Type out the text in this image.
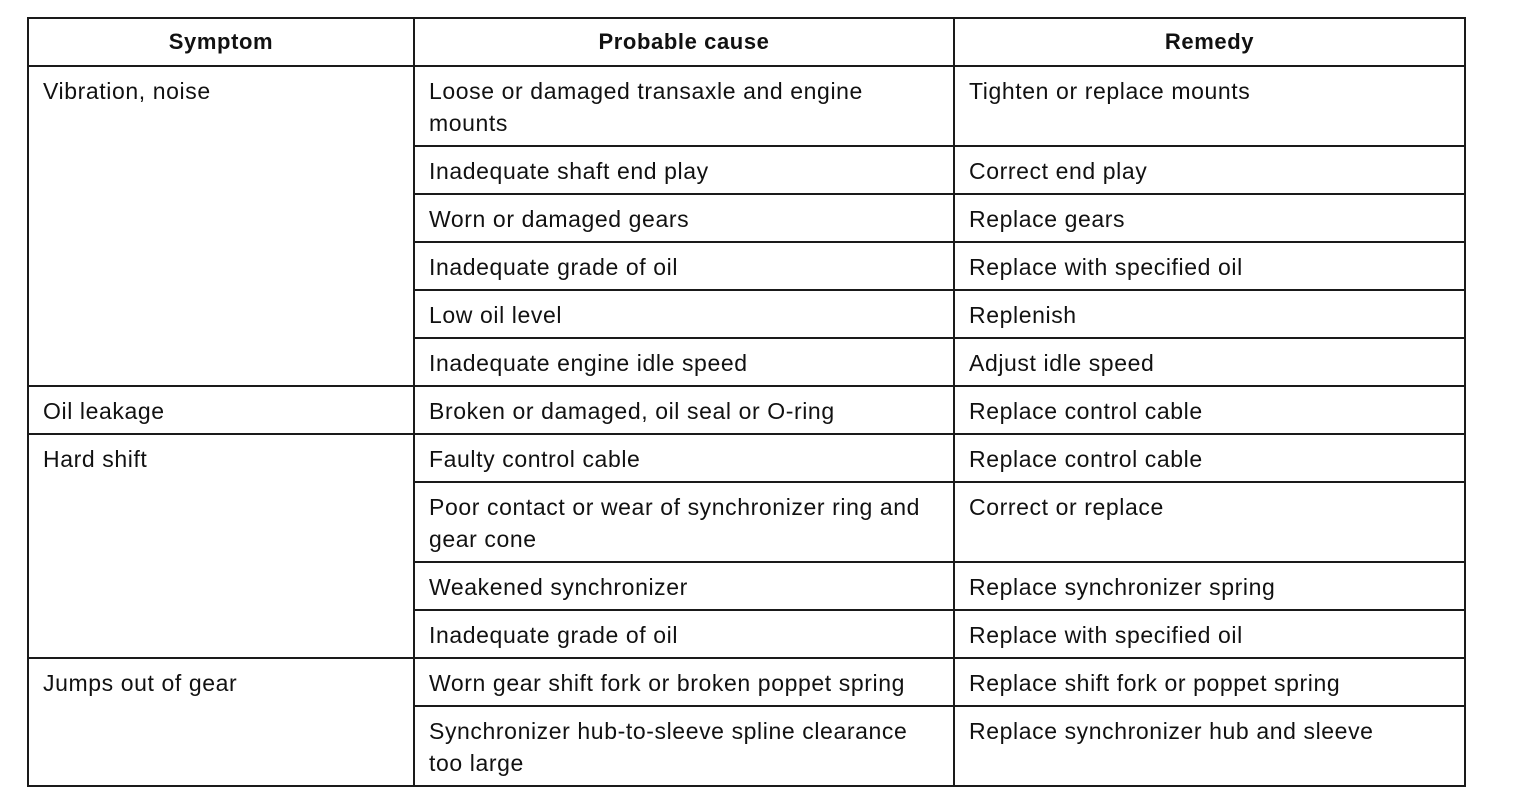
Symptom	Probable cause	Remedy
Vibration, noise	Loose or damaged transaxle and engine mounts	Tighten or replace mounts
	Inadequate shaft end play	Correct end play
	Worn or damaged gears	Replace gears
	Inadequate grade of oil	Replace with specified oil
	Low oil level	Replenish
	Inadequate engine idle speed	Adjust idle speed
Oil leakage	Broken or damaged, oil seal or O-ring	Replace control cable
Hard shift	Faulty control cable	Replace control cable
	Poor contact or wear of synchronizer ring and gear cone	Correct or replace
	Weakened synchronizer	Replace synchronizer spring
	Inadequate grade of oil	Replace with specified oil
Jumps out of gear	Worn gear shift fork or broken poppet spring	Replace shift fork or poppet spring
	Synchronizer hub-to-sleeve spline clearance too large	Replace synchronizer hub and sleeve
